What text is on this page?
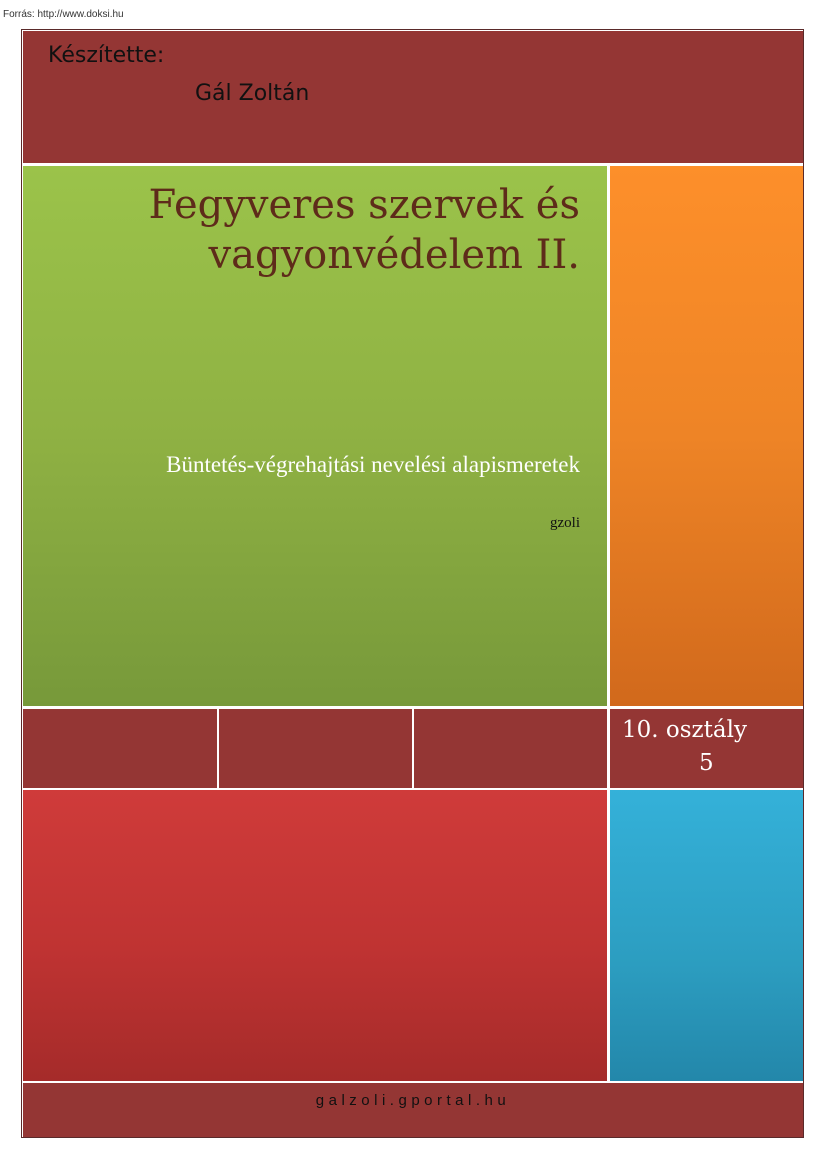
Forrás: http://www.doksi.hu
Készítette:
Gál Zoltán
Fegyveres szervek és
vagyonvédelem II.
Büntetés-végrehajtási nevelési alapismeretek
gzoli
10. osztály
5
galzoli.gportal.hu
